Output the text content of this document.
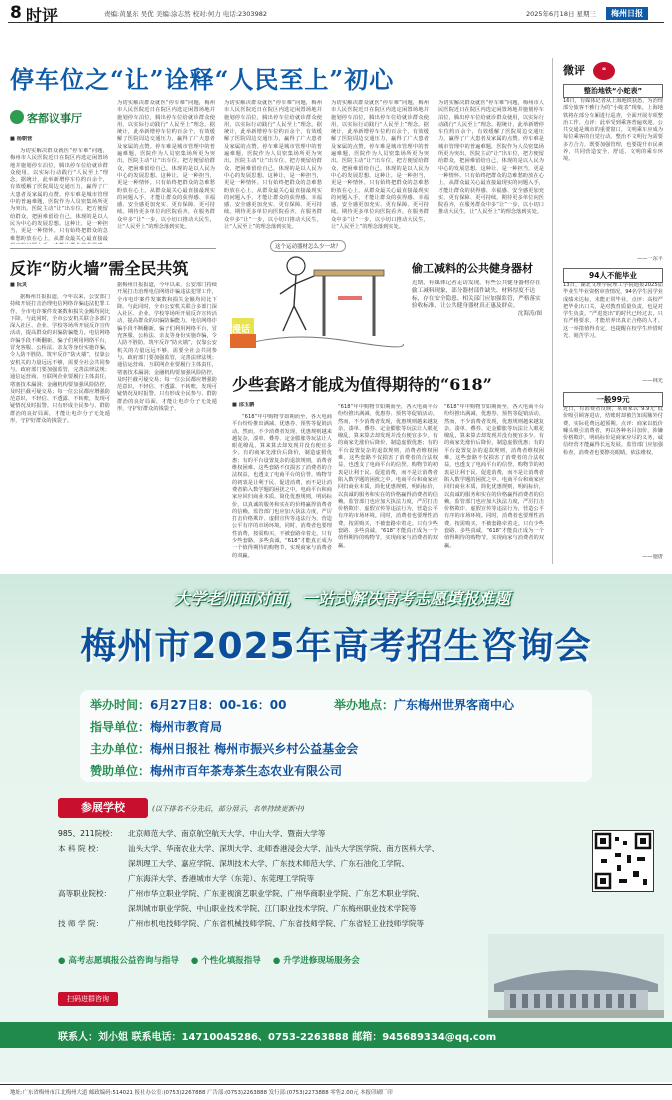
8 时评	责编:黄显东 吴优 美编:涂志然 校对:何力 电话:2303982	2025年6月18日 星期三	梅州日报
停车位之“让”诠释“人民至上”初心
客都议事厅
■ 杨朝营
为切实解决群众就医“停车难”问题，梅州市人民医院近日在院区内选定闲置场地并施划停车泊位，腾出停车位给就诊群众使用，以实际行动践行“人民至上”理念。据统计，此举新增停车位约百余个，有效缓解了医院周边交通压力，赢得了广大患者及家属的点赞。停车难是城市管理中的普遍难题，医院作为人员密集场所更为突出。医院主动“让”出车位，把方便留给群众，把困难留给自己，体现的是以人民为中心的发展思想。这种让，是一种担当，更是一种情怀。只有始终把群众的急难愁盼放在心上，从群众最关心最直接最
为切实解决群众就医“停车难”问题，梅州市人民医院近日在院区内选定闲置场地并施划停车泊位，腾出停车位给就诊群众使用，以实际行动践行“人民至上”理念。据统计，此举新增停车位约百余个，有效缓解了医院周边交通压力，赢得了广大患者及家属的点赞。停车难是城市管理中的普遍难题，医院作为人员密集场所更为突出。医院主动“让”出车位，把方便留给群众，把困难留给自己，体现的是以人民为中心的发展思想。这种让，是一种担当，更是一种情怀。只有始终把群众的急难愁盼放在心上，从群众最关心最直接最现实的问题入手，才能让群众的获得感、幸福感、安全感更加充实、更有保障、更可持续。期待更多单位向医院看齐，在服务群众中多“让”一步，以小切口推动大民生，让“人民至上”的理念落到实处。
为切实解决群众就医“停车难”问题，梅州市人民医院近日在院区内选定闲置场地并施划停车泊位，腾出停车位给就诊群众使用，以实际行动践行“人民至上”理念。据统计，此举新增停车位约百余个，有效缓解了医院周边交通压力，赢得了广大患者及家属的点赞。停车难是城市管理中的普遍难题，医院作为人员密集场所更为突出。医院主动“让”出车位，把方便留给群众，把困难留给自己，体现的是以人民为中心的发展思想。这种让，是一种担当，更是一种情怀。只有始终把群众的急难愁盼放在心上，从群众最关心最直接最现实的问题入手，才能让群众的获得感、幸福感、安全感更加充实、更有保障、更可持续。期待更多单位向医院看齐，在服务群众中多“让”一步，以小切口推动大民生，让“人民至上”的理念落到实处。
为切实解决群众就医“停车难”问题，梅州市人民医院近日在院区内选定闲置场地并施划停车泊位，腾出停车位给就诊群众使用，以实际行动践行“人民至上”理念。据统计，此举新增停车位约百余个，有效缓解了医院周边交通压力，赢得了广大患者及家属的点赞。停车难是城市管理中的普遍难题，医院作为人员密集场所更为突出。医院主动“让”出车位，把方便留给群众，把困难留给自己，体现的是以人民为中心的发展思想。这种让，是一种担当，更是一种情怀。只有始终把群众的急难愁盼放在心上，从群众最关心最直接最现实的问题入手，才能让群众的获得感、幸福感、安全感更加充实、更有保障、更可持续。期待更多单位向医院看齐，在服务群众中多“让”一步，以小切口推动大民生，让“人民至上”的理念落到实处。
为切实解决群众就医“停车难”问题，梅州市人民医院近日在院区内选定闲置场地并施划停车泊位，腾出停车位给就诊群众使用，以实际行动践行“人民至上”理念。据统计，此举新增停车位约百余个，有效缓解了医院周边交通压力，赢得了广大患者及家属的点赞。停车难是城市管理中的普遍难题，医院作为人员密集场所更为突出。医院主动“让”出车位，把方便留给群众，把困难留给自己，体现的是以人民为中心的发展思想。这种让，是一种担当，更是一种情怀。只有始终把群众的急难愁盼放在心上，从群众最关心最直接最现实的问题入手，才能让群众的获得感、幸福感、安全感更加充实、更有保障、更可持续。期待更多单位向医院看齐，在服务群众中多“让”一步，以小切口推动大民生，让“人民至上”的理念落到实处。
反诈“防火墙”需全民共筑
■ 阮灵
据梅州日报报道，今年以来，公安部门持续开展打击治理电信网络诈骗违法犯罪工作，全市电诈案件发案数和损失金额均同比下降。与此同时，全市公安机关联合多部门深入社区、企业、学校等场所开展反诈宣传活动，提高群众的识骗防骗能力。电信网络诈骗手段不断翻新，骗子们利用网络平台，冒充客服、公检法、亲友等身份实施诈骗，令人防不胜防。筑牢反诈“防火墙”，仅靠公安机关的力量远远不够，需要全社会共同参与。政府部门要加强监管，完善法律法规；通信运营商、互联网企业要履行主体责任，堵塞技术漏洞；金融机构要加强风险防控，及时拦截可疑交易；每一位公民都应增强防范意识，不轻信、不透露、不转账，发现可疑情况及时报警。只有形成全民参与、群防群治的良好局面，才能让电诈分子无处遁形，守护好群众的钱袋子。
据梅州日报报道，今年以来，公安部门持续开展打击治理电信网络诈骗违法犯罪工作，全市电诈案件发案数和损失金额均同比下降。与此同时，全市公安机关联合多部门深入社区、企业、学校等场所开展反诈宣传活动，提高群众的识骗防骗能力。电信网络诈骗手段不断翻新，骗子们利用网络平台，冒充客服、公检法、亲友等身份实施诈骗，令人防不胜防。筑牢反诈“防火墙”，仅靠公安机关的力量远远不够，需要全社会共同参与。政府部门要加强监管，完善法律法规；通信运营商、互联网企业要履行主体责任，堵塞技术漏洞；金融机构要加强风险防控，及时拦截可疑交易；每一位公民都应增强防范意识，不轻信、不透露、不转账，发现可疑情况及时报警。只有形成全民参与、群防群治的良好局面，才能让电诈分子无处遁形，守护好群众的钱袋子。
这个运动器材怎么少一块？
漫话
偷工减料的公共健身器材
近期，有媒体记者走访发现，有些公共健身器材存在偷工减料现象，部分器材部件缺失、材料厚度不达标，存在安全隐患。相关部门应加强监管，严格落实验收标准，让公共健身器材真正惠及群众。
沈海涛/图
少些套路才能成为值得期待的“618”
■ 邵玉鹏
“618”年中购物节如期而至，各大电商平台纷纷推出满减、优惠券、预售等促销活动。然而，不少消费者发现，优惠规则越来越复杂，凑单、叠券、定金膨胀等玩法让人眼花缭乱，算来算去却发现并没有便宜多少。有的商家先涨价后降价，制造虚假优惠；有的平台设置复杂的退款规则，消费者维权困难。这些套路不仅损害了消费者的合法权益，也透支了电商平台的信誉。购物节的初衷是让利于民、促进消费，而不是让消费者陷入数学题的困扰之中。电商平台和商家应回归商业本质，简化优惠规则，明码标价，以真诚的服务和实在的价格赢得消费者的信赖。监管部门也应加大执法力度，严厉打击价格欺诈、虚假宣传等违法行为，营造公平有序的市场环境。同时，消费者也要理性消费，按需购买，不被套路牵着走。只有少些套路、多些真诚，“618”才能真正成为一个值得期待的购物节，实现商家与消费者的双赢。
“618”年中购物节如期而至，各大电商平台纷纷推出满减、优惠券、预售等促销活动。然而，不少消费者发现，优惠规则越来越复杂，凑单、叠券、定金膨胀等玩法让人眼花缭乱，算来算去却发现并没有便宜多少。有的商家先涨价后降价，制造虚假优惠；有的平台设置复杂的退款规则，消费者维权困难。这些套路不仅损害了消费者的合法权益，也透支了电商平台的信誉。购物节的初衷是让利于民、促进消费，而不是让消费者陷入数学题的困扰之中。电商平台和商家应回归商业本质，简化优惠规则，明码标价，以真诚的服务和实在的价格赢得消费者的信赖。监管部门也应加大执法力度，严厉打击价格欺诈、虚假宣传等违法行为，营造公平有序的市场环境。同时，消费者也要理性消费，按需购买，不被套路牵着走。只有少些套路、多些真诚，“618”才能真正成为一个值得期待的购物节，实现商家与消费者的双赢。
“618”年中购物节如期而至，各大电商平台纷纷推出满减、优惠券、预售等促销活动。然而，不少消费者发现，优惠规则越来越复杂，凑单、叠券、定金膨胀等玩法让人眼花缭乱，算来算去却发现并没有便宜多少。有的商家先涨价后降价，制造虚假优惠；有的平台设置复杂的退款规则，消费者维权困难。这些套路不仅损害了消费者的合法权益，也透支了电商平台的信誉。购物节的初衷是让利于民、促进消费，而不是让消费者陷入数学题的困扰之中。电商平台和商家应回归商业本质，简化优惠规则，明码标价，以真诚的服务和实在的价格赢得消费者的信赖。监管部门也应加大执法力度，严厉打击价格欺诈、虚假宣传等违法行为，营造公平有序的市场环境。同时，消费者也要理性消费，按需购买，不被套路牵着走。只有少些套路、多些真诚，“618”才能真正成为一个值得期待的购物节，实现商家与消费者的双赢。
微评	❝
整治地铁“小蛇表”
16日，有媒体记者从上海地铁获悉，为治理部分旅客不雅行为的“小蛇表”现象，上海地铁将在部分车厢进行巡查，全面开展专项整治工作。点评：此举受到乘客普遍欢迎。公共交通是城市的重要窗口，文明乘车应成为每位乘客的自觉行动。整治不文明行为需要多方合力，既要加强管理，也要提升市民素养，共同营造安全、舒适、文明的乘车环境。
——一东平
94人不能毕业
13日，湖北文理学院理工学院通报2025届毕业生毕业资格审查情况，94名学生因学业成绩未达标，未能正常毕业。点评：高校严把毕业出口关，是对教育质量负责，也是对学生负责。“严进宽出”的时代已经过去，只有严格要求，才能培养出真正合格的人才。这一举措值得肯定，也提醒在校学生珍惜时光、刻苦学习。
——林光
一般99元
近日，有消费者反映，某商家以“9.9元”低价吸引顾客进店，结账时却被告知需额外付费，实际花费远超预期。点评：商家以低价噱头吸引消费者，再以各种名目加价，涉嫌价格欺诈。明码标价是商家应尽的义务，诚信经营才能赢得长远发展。监管部门应加强检查，消费者也要擦亮眼睛，依法维权。
——施唐
大学老师面对面，一站式解决高考志愿填报难题
梅州市2025年高考招生咨询会
举办时间：6月27日8：00-16：00	举办地点：广东梅州世界客商中心
指导单位：梅州市教育局
主办单位：梅州日报社 梅州市振兴乡村公益基金会
赞助单位：梅州市百年茶寿茶生态农业有限公司
参展学校	(以下排名不分先后，部分展示，名单持续更新中)
985、211院校：	北京师范大学、南京航空航天大学、中山大学、暨南大学等
本 科 院 校：	汕头大学、华南农业大学、深圳大学、北师香港浸会大学、汕头大学医学院、南方医科大学、
深圳理工大学、嘉应学院、深圳技术大学、广东技术师范大学、广东石油化工学院、
广东海洋大学、香港城市大学（东莞）、东莞理工学院等
高等职业院校：	广州市华立职业学院、广东亚视演艺职业学院、广州华商职业学院、广东艺术职业学院、
深圳城市职业学院、中山职业技术学院、江门职业技术学院、广东梅州职业技术学院等
技 师 学 院：	广州市机电技师学院、广东省机械技师学院、广东省技师学院、广东省轻工业技师学院等
● 高考志愿填报公益咨询与指导 ● 个性化填报指导 ● 升学进修现场服务会
扫码进群咨询
联系人：刘小姐 联系电话：14710045286、0753-2263888 邮箱：945689334@qq.com
地址:广东省梅州市江北梅州大道 邮政编码:514021 报社办公室:(0753)2267888 广告部:(0753)2263888 发行部:(0753)2273888 零售2.00元 本报印刷厂印
